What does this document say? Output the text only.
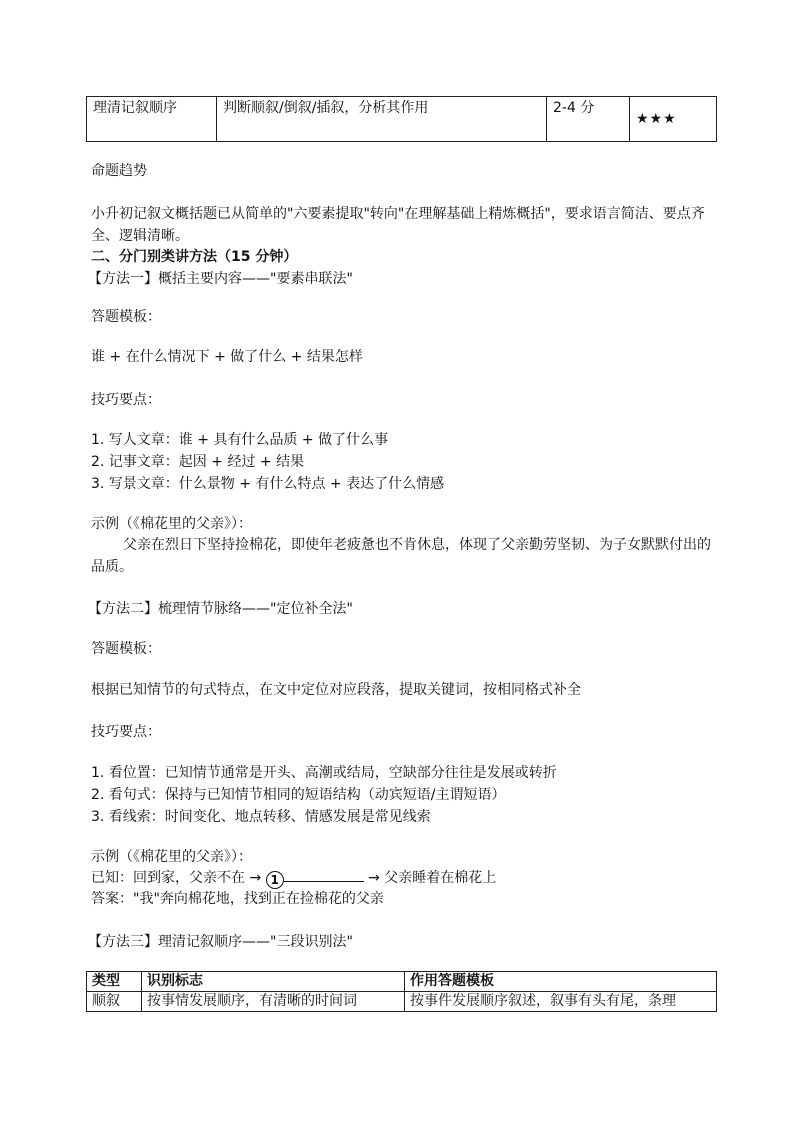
理清记叙顺序	判断顺叙/倒叙/插叙，分析其作用	2-4 分	★★★
命题趋势
小升初记叙文概括题已从简单的"六要素提取"转向"在理解基础上精炼概括"，要求语言简洁、要点齐全、逻辑清晰。
二、分门别类讲方法（15 分钟）
【方法一】概括主要内容——"要素串联法"
答题模板：
谁 + 在什么情况下 + 做了什么 + 结果怎样
技巧要点：
1. 写人文章：谁 + 具有什么品质 + 做了什么事
2. 记事文章：起因 + 经过 + 结果
3. 写景文章：什么景物 + 有什么特点 + 表达了什么情感
示例（《棉花里的父亲》）：
父亲在烈日下坚持捡棉花，即使年老疲惫也不肯休息，体现了父亲勤劳坚韧、为子女默默付出的品质。
【方法二】梳理情节脉络——"定位补全法"
答题模板：
根据已知情节的句式特点，在文中定位对应段落，提取关键词，按相同格式补全
技巧要点：
1. 看位置：已知情节通常是开头、高潮或结局，空缺部分往往是发展或转折
2. 看句式：保持与已知情节相同的短语结构（动宾短语/主谓短语）
3. 看线索：时间变化、地点转移、情感发展是常见线索
示例（《棉花里的父亲》）：
已知：回到家，父亲不在 → 1	→ 父亲睡着在棉花上
答案："我"奔向棉花地，找到正在捡棉花的父亲
【方法三】理清记叙顺序——"三段识别法"
类型	识别标志	作用答题模板
顺叙	按事情发展顺序，有清晰的时间词	按事件发展顺序叙述，叙事有头有尾，条理
